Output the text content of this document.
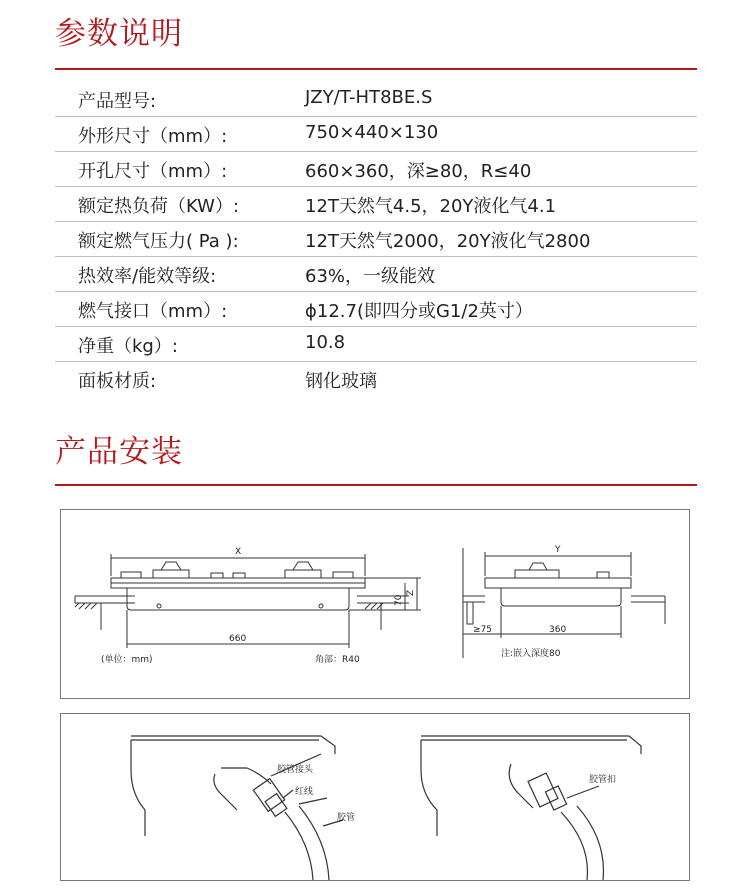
参数说明
产品型号:	JZY/T-HT8BE.S
外形尺寸（mm）:	750×440×130
开孔尺寸（mm）:	660×360，深≥80，R≤40
额定热负荷（KW）:	12T天然气4.5，20Y液化气4.1
额定燃气压力( Pa ):	12T天然气2000，20Y液化气2800
热效率/能效等级:	63%，一级能效
燃气接口（mm）:	ϕ12.7(即四分或G1/2英寸）
净重（kg）:	10.8
面板材质:	钢化玻璃
产品安装
X
660
70
Z
(单位：mm)	角部：R40
Y
≥75	360
注:嵌入深度80
胶管接头
红线
胶管
胶管扣
